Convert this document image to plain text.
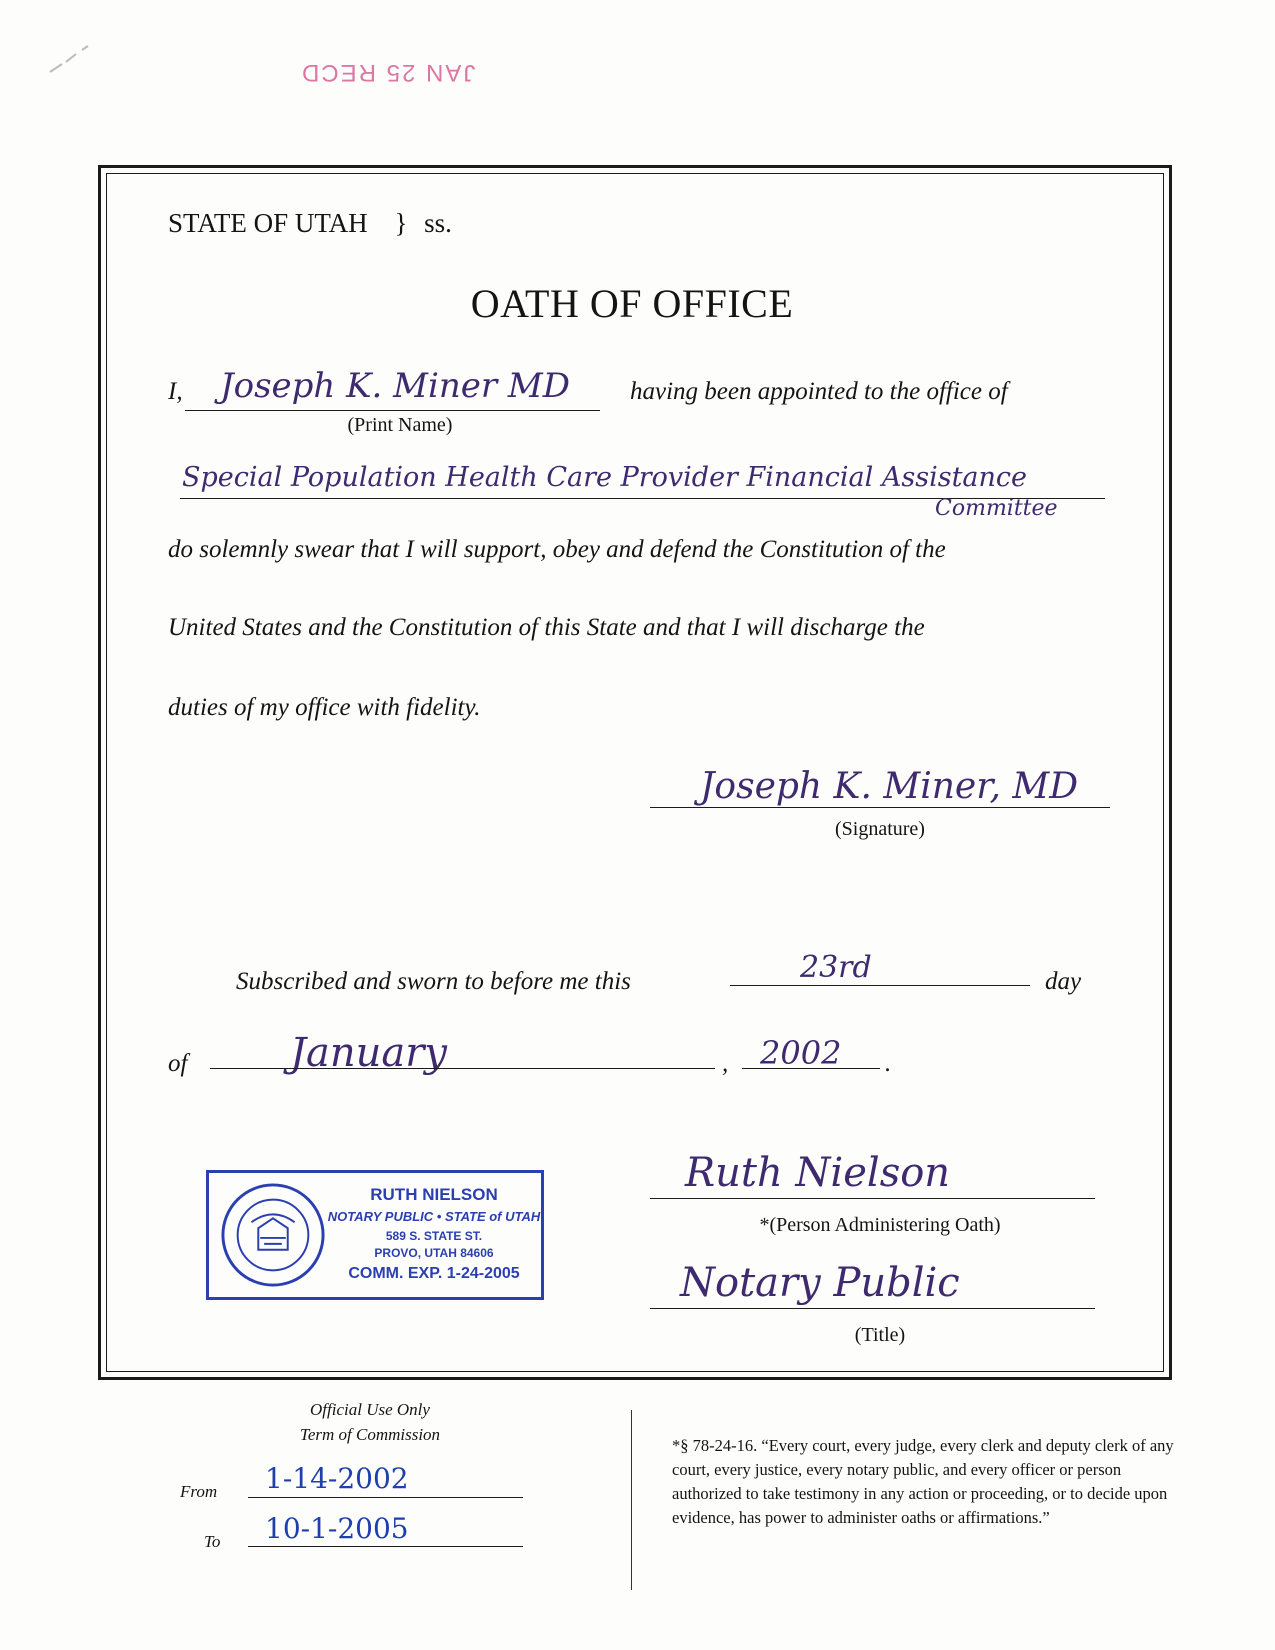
JAN 25 RECD
STATE OF UTAH } ss.
OATH OF OFFICE
I, Joseph K. Miner MD
(Print Name)
having been appointed to the office of
Special Population Health Care Provider Financial Assistance
Committee
do solemnly swear that I will support, obey and defend the Constitution of the
United States and the Constitution of this State and that I will discharge the
duties of my office with fidelity.
Joseph K. Miner, MD
(Signature)
Subscribed and sworn to before me this	23rd	day
of	January	, 2002 .
RUTH NIELSON
NOTARY PUBLIC • STATE of UTAH
589 S. STATE ST.
PROVO, UTAH 84606
COMM. EXP. 1-24-2005
Ruth Nielson
*(Person Administering Oath)
Notary Public
(Title)
Official Use Only
Term of Commission
From 1-14-2002
To 10-1-2005
*§ 78-24-16. “Every court, every judge, every clerk and deputy clerk of any court, every justice, every notary public, and every officer or person authorized to take testimony in any action or proceeding, or to decide upon evidence, has power to administer oaths or affirmations.”
